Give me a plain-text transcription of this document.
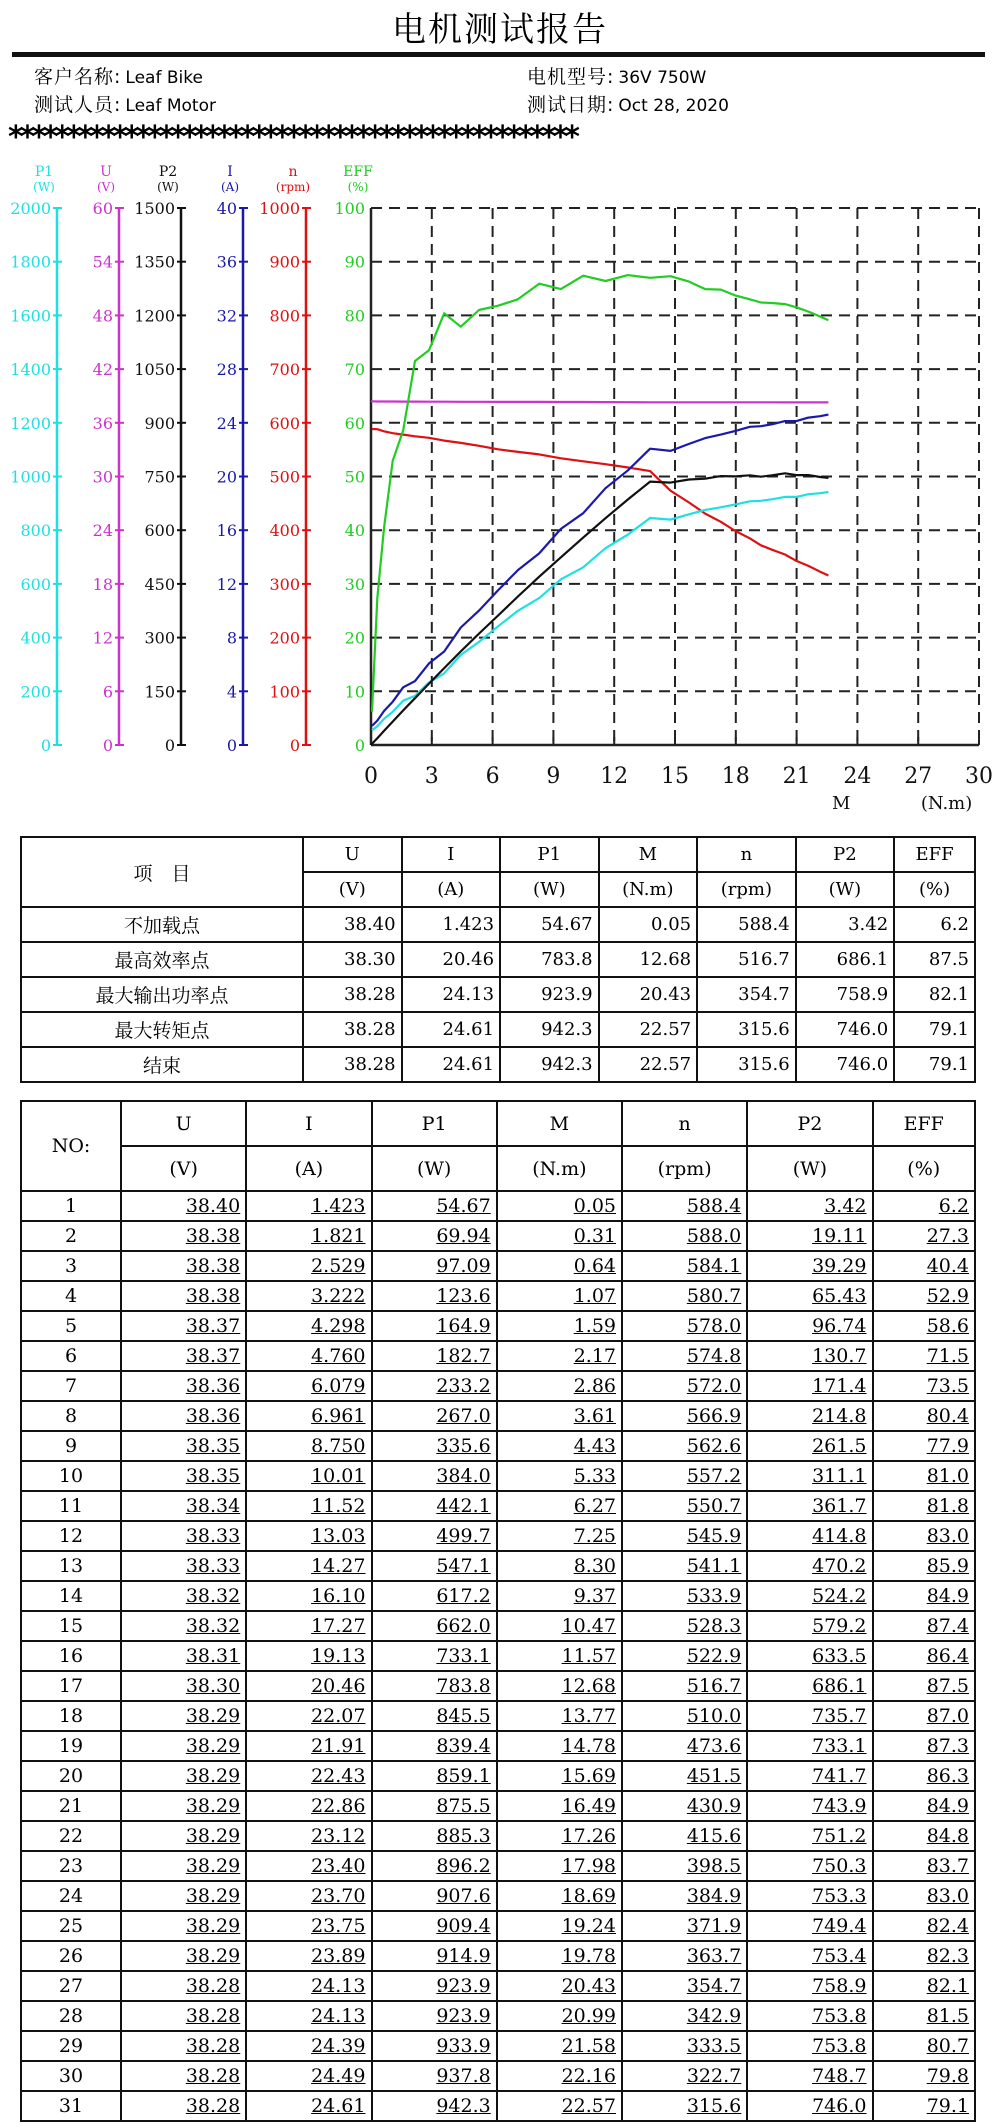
电机测试报告
客户名称: Leaf Bike
测试人员: Leaf Motor
电机型号: 36V 750W
测试日期: Oct 28, 2020
*************************************************
0 3 6 9 12 15 18 21 24 27 30
M	(N.m)
P1
(W)
2000
1800
1600
1400
1200
1000
800
600
400
200
0
U
(V)
60
54
48
42
36
30
24
18
12
6
0
P2
(W)
1500
1350
1200
1050
900
750
600
450
300
150
0
I
(A)
40
36
32
28
24
20
16
12
8
4
0
n
(rpm)
1000
900
800
700
600
500
400
300
200
100
0
EFF
(%)
100
90
80
70
60
50
40
30
20
10
0
项　目	U	I	P1	M	n	P2	EFF
	(V)	(A)	(W)	(N.m)	(rpm)	(W)	(%)
不加载点	38.40	1.423	54.67	0.05	588.4	3.42	6.2
最高效率点	38.30	20.46	783.8	12.68	516.7	686.1	87.5
最大输出功率点	38.28	24.13	923.9	20.43	354.7	758.9	82.1
最大转矩点	38.28	24.61	942.3	22.57	315.6	746.0	79.1
结束	38.28	24.61	942.3	22.57	315.6	746.0	79.1
NO:	U	I	P1	M	n	P2	EFF
	(V)	(A)	(W)	(N.m)	(rpm)	(W)	(%)
1	38.40	1.423	54.67	0.05	588.4	3.42	6.2
2	38.38	1.821	69.94	0.31	588.0	19.11	27.3
3	38.38	2.529	97.09	0.64	584.1	39.29	40.4
4	38.38	3.222	123.6	1.07	580.7	65.43	52.9
5	38.37	4.298	164.9	1.59	578.0	96.74	58.6
6	38.37	4.760	182.7	2.17	574.8	130.7	71.5
7	38.36	6.079	233.2	2.86	572.0	171.4	73.5
8	38.36	6.961	267.0	3.61	566.9	214.8	80.4
9	38.35	8.750	335.6	4.43	562.6	261.5	77.9
10	38.35	10.01	384.0	5.33	557.2	311.1	81.0
11	38.34	11.52	442.1	6.27	550.7	361.7	81.8
12	38.33	13.03	499.7	7.25	545.9	414.8	83.0
13	38.33	14.27	547.1	8.30	541.1	470.2	85.9
14	38.32	16.10	617.2	9.37	533.9	524.2	84.9
15	38.32	17.27	662.0	10.47	528.3	579.2	87.4
16	38.31	19.13	733.1	11.57	522.9	633.5	86.4
17	38.30	20.46	783.8	12.68	516.7	686.1	87.5
18	38.29	22.07	845.5	13.77	510.0	735.7	87.0
19	38.29	21.91	839.4	14.78	473.6	733.1	87.3
20	38.29	22.43	859.1	15.69	451.5	741.7	86.3
21	38.29	22.86	875.5	16.49	430.9	743.9	84.9
22	38.29	23.12	885.3	17.26	415.6	751.2	84.8
23	38.29	23.40	896.2	17.98	398.5	750.3	83.7
24	38.29	23.70	907.6	18.69	384.9	753.3	83.0
25	38.29	23.75	909.4	19.24	371.9	749.4	82.4
26	38.29	23.89	914.9	19.78	363.7	753.4	82.3
27	38.28	24.13	923.9	20.43	354.7	758.9	82.1
28	38.28	24.13	923.9	20.99	342.9	753.8	81.5
29	38.28	24.39	933.9	21.58	333.5	753.8	80.7
30	38.28	24.49	937.8	22.16	322.7	748.7	79.8
31	38.28	24.61	942.3	22.57	315.6	746.0	79.1
